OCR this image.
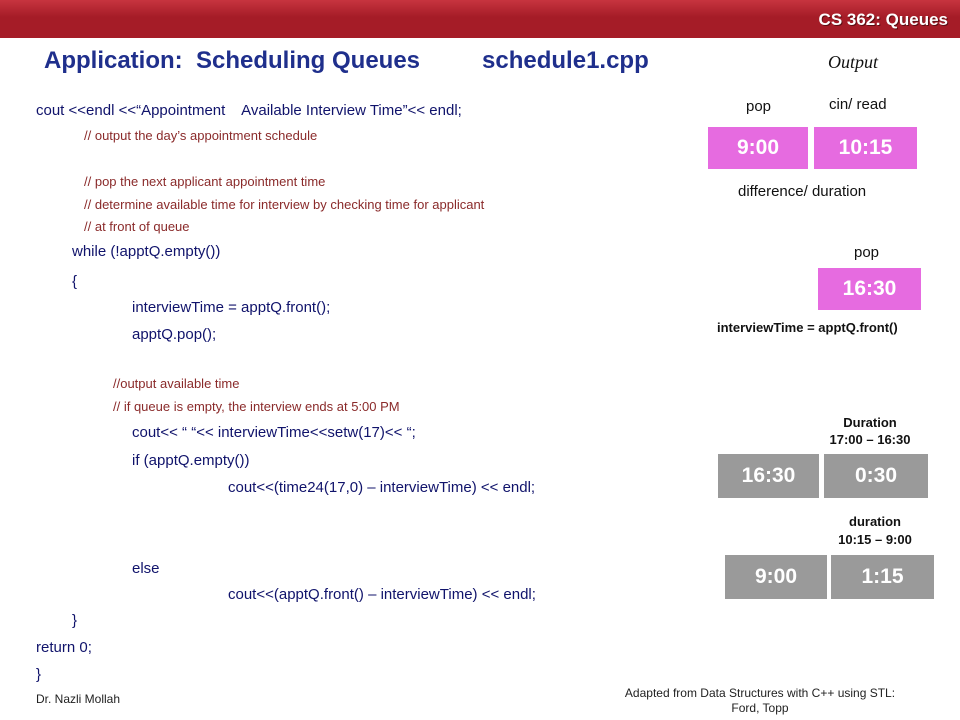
CS 362: Queues
Application:  Scheduling Queues	schedule1.cpp
cout <<endl <<“Appointment    Available Interview Time”<< endl;
// output the day’s appointment schedule
// pop the next applicant appointment time
// determine available time for interview by checking time for applicant
// at front of queue
while (!apptQ.empty())
{
interviewTime = apptQ.front();
apptQ.pop();
//output available time
// if queue is empty, the interview ends at 5:00 PM
cout<< “ “<< interviewTime<<setw(17)<< “;
if (apptQ.empty())
cout<<(time24(17,0) – interviewTime) << endl;
else
cout<<(apptQ.front() – interviewTime) << endl;
}
return 0;
}
Output
pop	cin/ read
9:00	10:15
difference/ duration
pop
16:30
interviewTime = apptQ.front()
Duration
17:00 – 16:30
16:30	0:30
duration
10:15 – 9:00
9:00	1:15
Dr. Nazli Mollah	Adapted from Data Structures with C++ using STL:
Ford, Topp
